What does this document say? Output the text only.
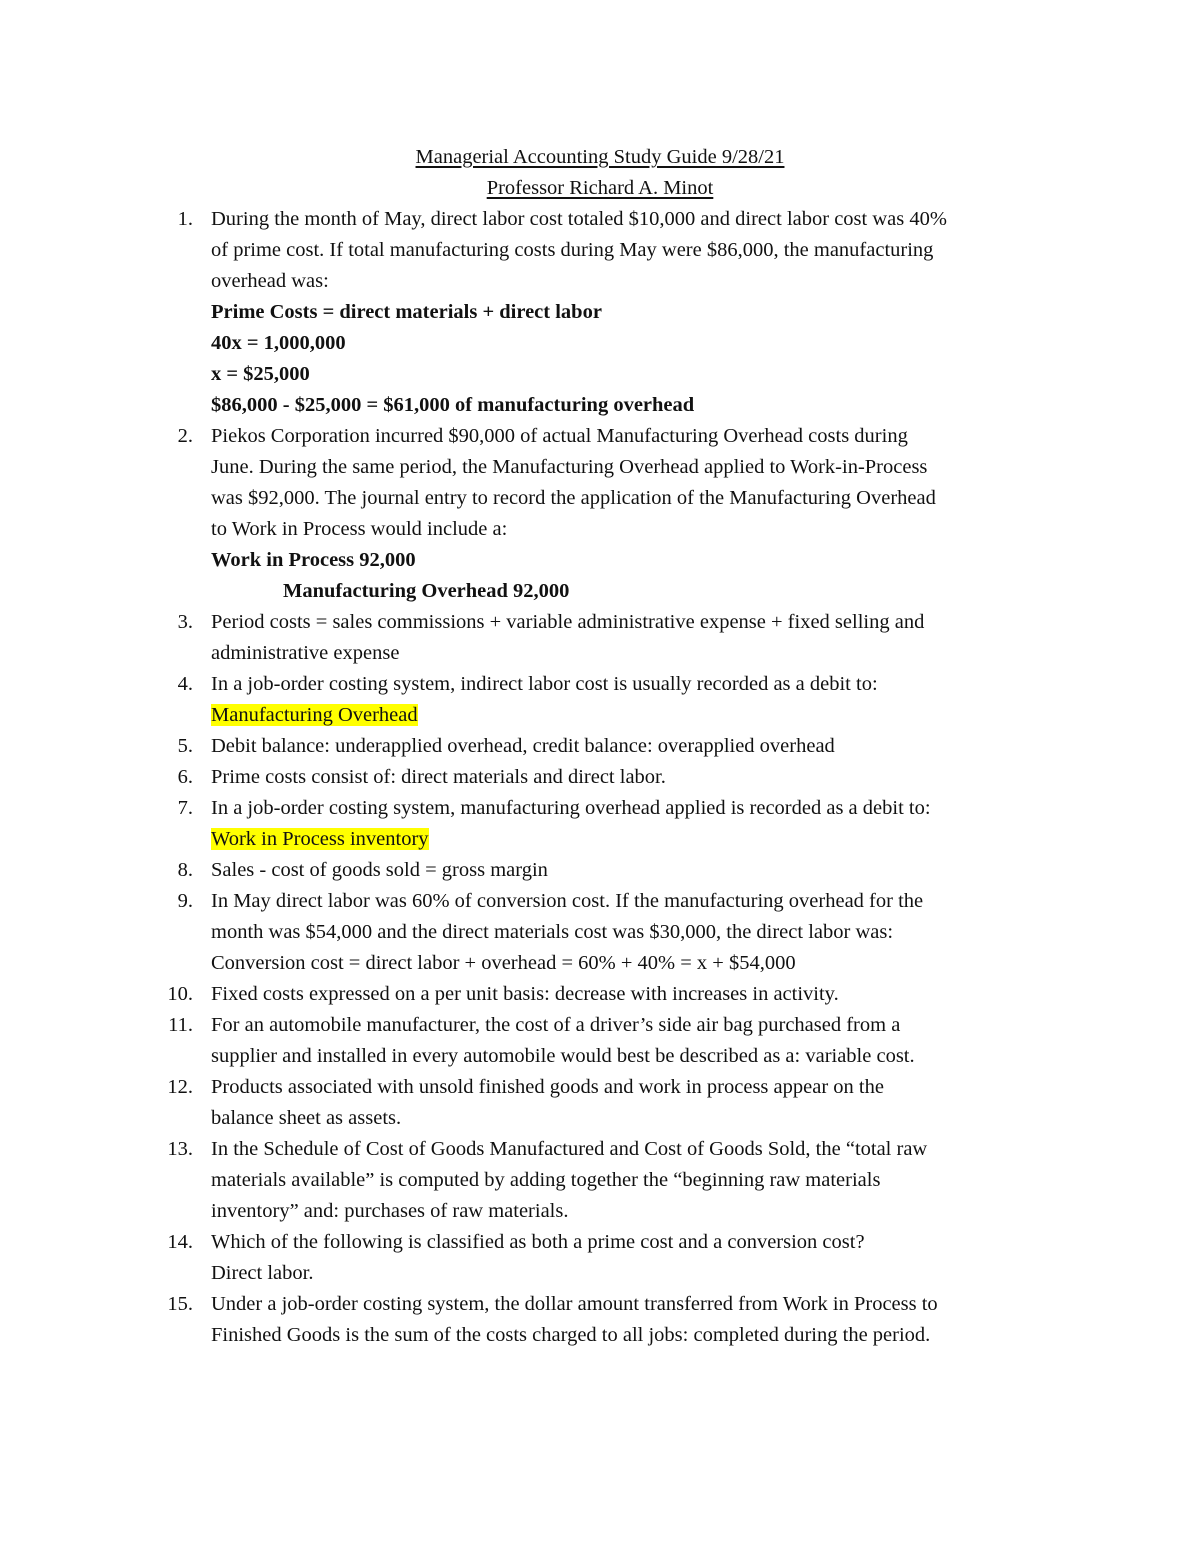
Managerial Accounting Study Guide 9/28/21
Professor Richard A. Minot
1. During the month of May, direct labor cost totaled $10,000 and direct labor cost was 40%
of prime cost. If total manufacturing costs during May were $86,000, the manufacturing
overhead was:
Prime Costs = direct materials + direct labor
40x = 1,000,000
x = $25,000
$86,000 - $25,000 = $61,000 of manufacturing overhead
2. Piekos Corporation incurred $90,000 of actual Manufacturing Overhead costs during
June. During the same period, the Manufacturing Overhead applied to Work-in-Process
was $92,000. The journal entry to record the application of the Manufacturing Overhead
to Work in Process would include a:
Work in Process 92,000
Manufacturing Overhead 92,000
3. Period costs = sales commissions + variable administrative expense + fixed selling and
administrative expense
4. In a job-order costing system, indirect labor cost is usually recorded as a debit to:
Manufacturing Overhead
5. Debit balance: underapplied overhead, credit balance: overapplied overhead
6. Prime costs consist of: direct materials and direct labor.
7. In a job-order costing system, manufacturing overhead applied is recorded as a debit to:
Work in Process inventory
8. Sales - cost of goods sold = gross margin
9. In May direct labor was 60% of conversion cost. If the manufacturing overhead for the
month was $54,000 and the direct materials cost was $30,000, the direct labor was:
Conversion cost = direct labor + overhead = 60% + 40% = x + $54,000
10. Fixed costs expressed on a per unit basis: decrease with increases in activity.
11. For an automobile manufacturer, the cost of a driver’s side air bag purchased from a
supplier and installed in every automobile would best be described as a: variable cost.
12. Products associated with unsold finished goods and work in process appear on the
balance sheet as assets.
13. In the Schedule of Cost of Goods Manufactured and Cost of Goods Sold, the “total raw
materials available” is computed by adding together the “beginning raw materials
inventory” and: purchases of raw materials.
14. Which of the following is classified as both a prime cost and a conversion cost?
Direct labor.
15. Under a job-order costing system, the dollar amount transferred from Work in Process to
Finished Goods is the sum of the costs charged to all jobs: completed during the period.
